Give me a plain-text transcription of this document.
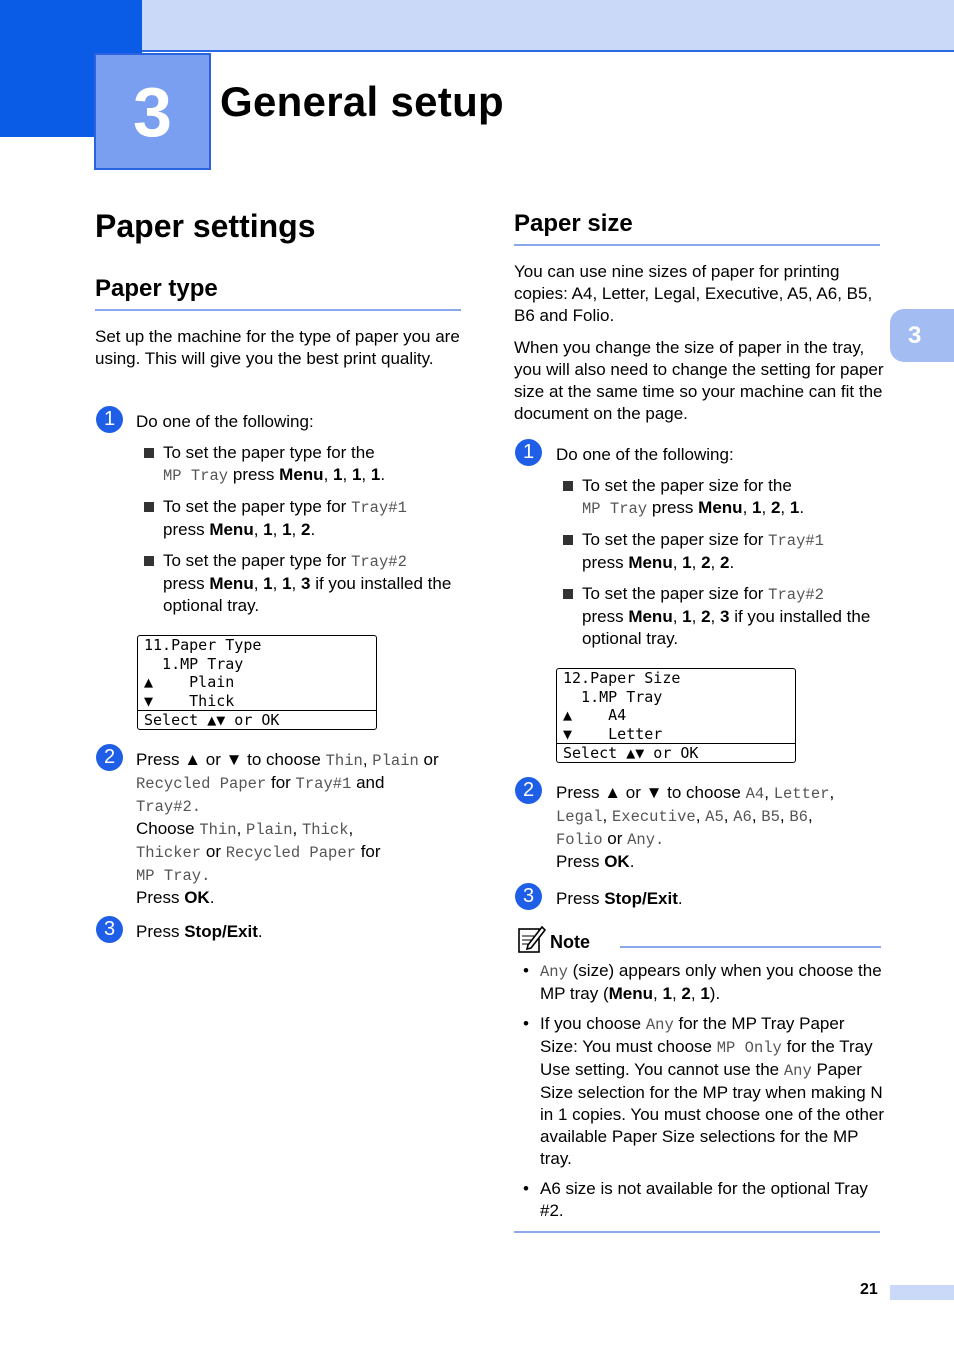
3 General setup
3
Paper settings
Paper type
Set up the machine for the type of paper you are using. This will give you the best print quality.
1 Do one of the following:
To set the paper type for the
MP Tray press Menu, 1, 1, 1.
To set the paper type for Tray#1
press Menu, 1, 1, 2.
To set the paper type for Tray#2
press Menu, 1, 1, 3 if you installed the optional tray.
11.Paper Type
1.MP Tray
▲    Plain
▼    Thick
Select ▲▼ or OK
2 Press ▲ or ▼ to choose Thin, Plain or
Recycled Paper for Tray#1 and
Tray#2.
Choose Thin, Plain, Thick,
Thicker or Recycled Paper for
MP Tray.
Press OK.
3 Press Stop/Exit.
Paper size
You can use nine sizes of paper for printing copies: A4, Letter, Legal, Executive, A5, A6, B5, B6 and Folio.
When you change the size of paper in the tray, you will also need to change the setting for paper size at the same time so your machine can fit the document on the page.
1 Do one of the following:
To set the paper size for the
MP Tray press Menu, 1, 2, 1.
To set the paper size for Tray#1
press Menu, 1, 2, 2.
To set the paper size for Tray#2
press Menu, 1, 2, 3 if you installed the optional tray.
12.Paper Size
1.MP Tray
▲    A4
▼    Letter
Select ▲▼ or OK
2 Press ▲ or ▼ to choose A4, Letter,
Legal, Executive, A5, A6, B5, B6,
Folio or Any.
Press OK.
3 Press Stop/Exit.
Note
• Any (size) appears only when you choose the MP tray (Menu, 1, 2, 1).
• If you choose Any for the MP Tray Paper Size: You must choose MP Only for the Tray Use setting. You cannot use the Any Paper Size selection for the MP tray when making N in 1 copies. You must choose one of the other available Paper Size selections for the MP tray.
• A6 size is not available for the optional Tray #2.
21
